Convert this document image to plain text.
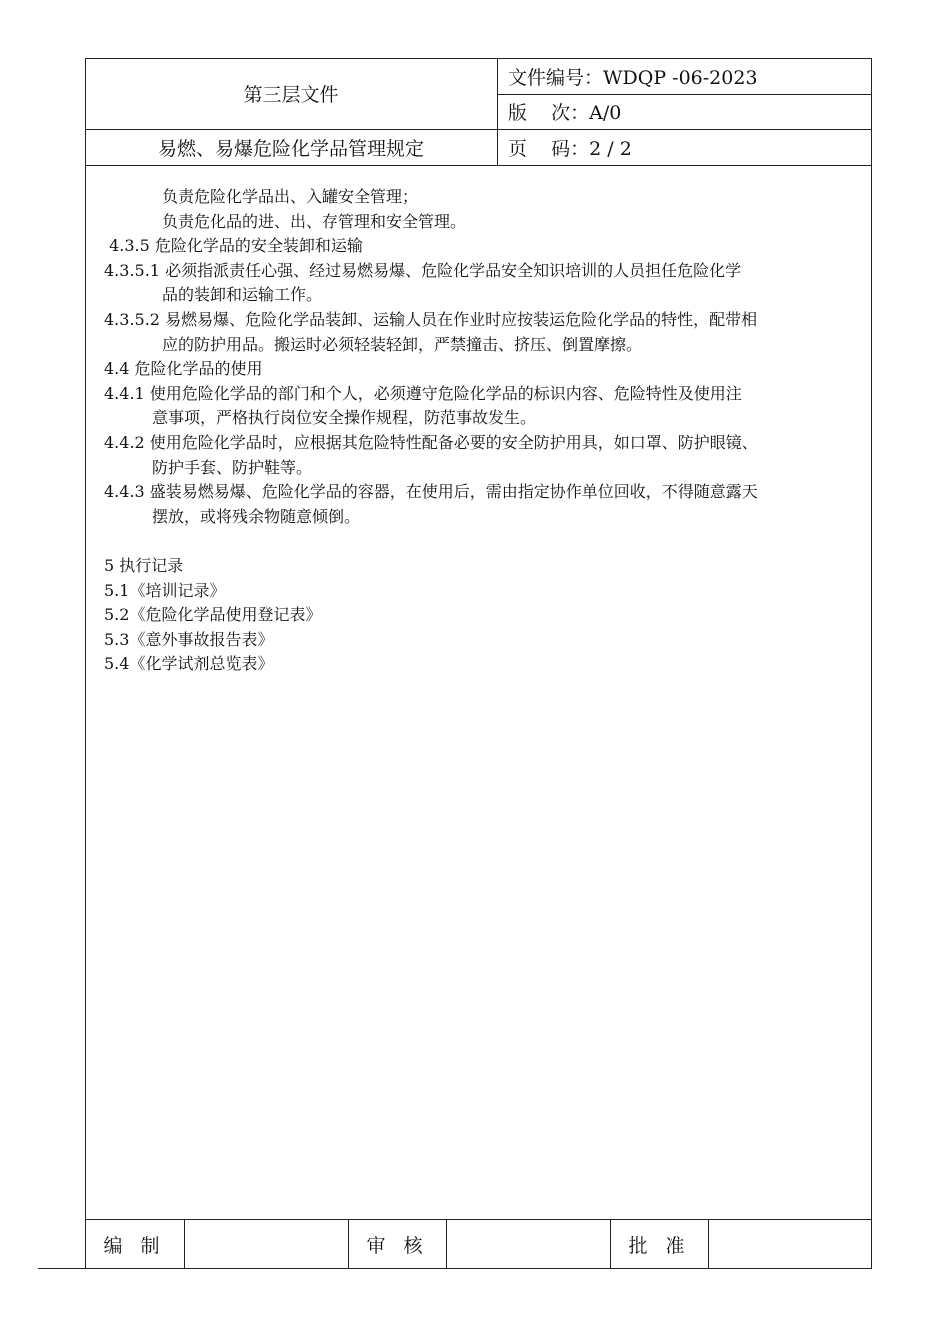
第三层文件
文件编号：WDQP -06-2023
版    次：A/0
易燃、易爆危险化学品管理规定	页    码：2 / 2
负责危险化学品出、入罐安全管理；
负责危化品的进、出、存管理和安全管理。
4.3.5 危险化学品的安全装卸和运输
4.3.5.1 必须指派责任心强、经过易燃易爆、危险化学品安全知识培训的人员担任危险化学
品的装卸和运输工作。
4.3.5.2 易燃易爆、危险化学品装卸、运输人员在作业时应按装运危险化学品的特性，配带相
应的防护用品。搬运时必须轻装轻卸，严禁撞击、挤压、倒置摩擦。
4.4 危险化学品的使用
4.4.1 使用危险化学品的部门和个人，必须遵守危险化学品的标识内容、危险特性及使用注
意事项，严格执行岗位安全操作规程，防范事故发生。
4.4.2 使用危险化学品时，应根据其危险特性配备必要的安全防护用具，如口罩、防护眼镜、
防护手套、防护鞋等。
4.4.3 盛装易燃易爆、危险化学品的容器，在使用后，需由指定协作单位回收，不得随意露天
摆放，或将残余物随意倾倒。
5 执行记录
5.1《培训记录》
5.2《危险化学品使用登记表》
5.3《意外事故报告表》
5.4《化学试剂总览表》
编 制	审 核	批 准
